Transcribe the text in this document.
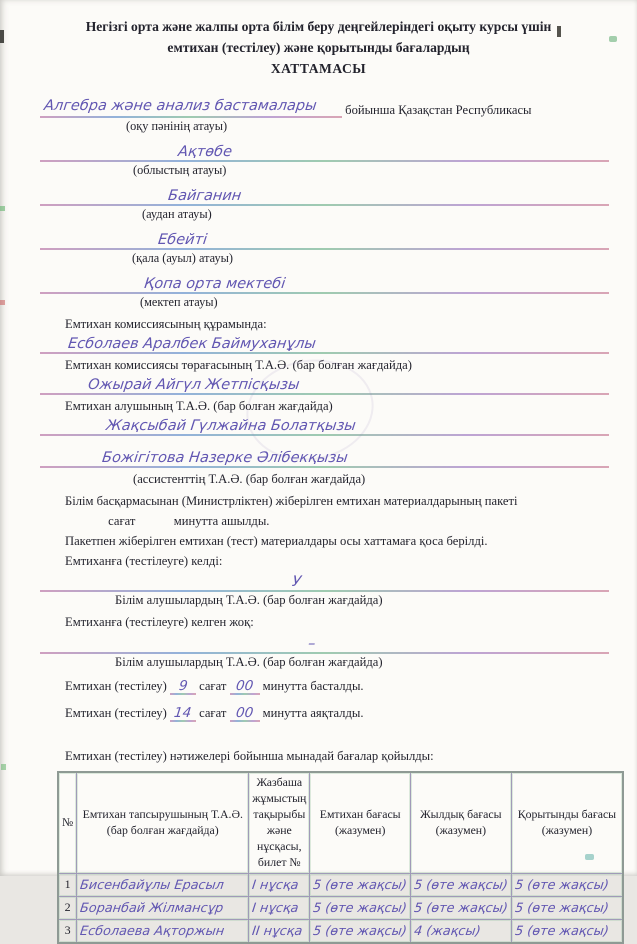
Негізгі орта және жалпы орта білім беру деңгейлеріндегі оқыту курсы үшін
емтихан (тестілеу) және қорытынды бағалардың
ХАТТАМАСЫ
Алгебра және анализ бастамалары бойынша Қазақстан Республикасы
(оқу пәнінің атауы)
Ақтөбе
(облыстың атауы)
Байганин
(аудан атауы)
Ебейті
(қала (ауыл) атауы)
Қопа орта мектебі
(мектеп атауы)
Емтихан комиссиясының құрамында:
Есболаев Аралбек Баймуханұлы
Емтихан комиссиясы төрағасының Т.А.Ә. (бар болған жағдайда)
Ожырай Айгүл Жетпісқызы
Емтихан алушының Т.А.Ә. (бар болған жағдайда)
Жақсыбай Гүлжайна Болатқызы
Божігітова Назерке Әлібекқызы
(ассистенттің Т.А.Ә. (бар болған жағдайда)
Білім басқармасынан (Министрліктен) жіберілген емтихан материалдарының пакеті
сағат	минутта ашылды.
Пакетпен жіберілген емтихан (тест) материалдары осы хаттамаға қоса берілді.
Емтиханға (тестілеуге) келді:
У
Білім алушылардың Т.А.Ә. (бар болған жағдайда)
Емтиханға (тестілеуге) келген жоқ:
–
Білім алушылардың Т.А.Ә. (бар болған жағдайда)
Емтихан (тестілеу) 9 сағат 00 минутта басталды.
Емтихан (тестілеу) 14 сағат 00 минутта аяқталды.
Емтихан (тестілеу) нәтижелері бойынша мынадай бағалар қойылды:
№	Емтихан тапсырушының Т.А.Ә. (бар болған жағдайда)	Жазбаша жұмыстың тақырыбы және нұсқасы, билет №	Емтихан бағасы (жазумен)	Жылдық бағасы (жазумен)	Қорытынды бағасы (жазумен)
1	Бисенбайұлы Ерасыл	I нұсқа	5 (өте жақсы)	5 (өте жақсы)	5 (өте жақсы)
2	Боранбай Жілмансұр	I нұсқа	5 (өте жақсы)	5 (өте жақсы)	5 (өте жақсы)
3	Есболаева Ақторжын	II нұсқа	5 (өте жақсы)	4 (жақсы)	5 (өте жақсы)
